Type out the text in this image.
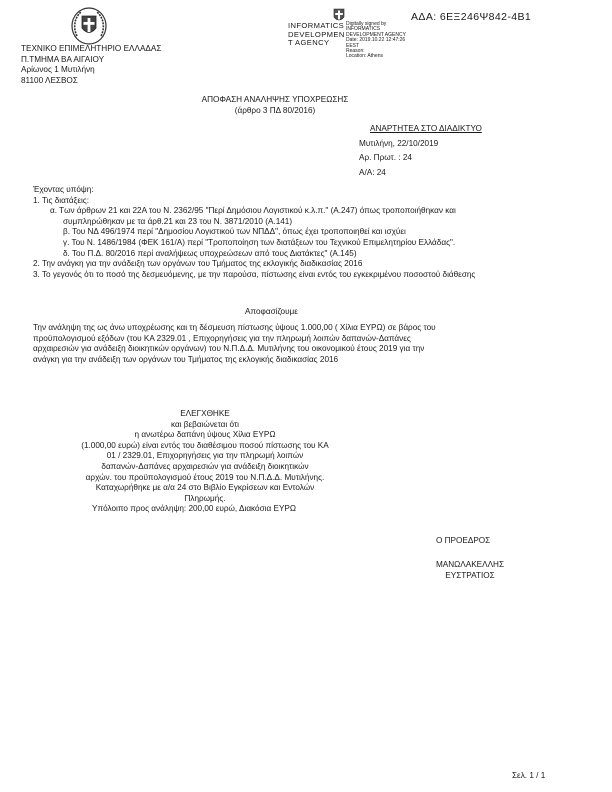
ΤΕΧΝΙΚΟ ΕΠΙΜΕΛΗΤΗΡΙΟ ΕΛΛΑΔΑΣ
Π.ΤΜΗΜΑ ΒΑ ΑΙΓΑΙΟΥ
Αρίωνος 1 Μυτιλήνη
81100 ΛΕΣΒΟΣ
INFORMATICS
DEVELOPMEN
T AGENCY
Digitally signed by
INFORMATICS
DEVELOPMENT AGENCY
Date: 2019.10.22 12:47:26
EEST
Reason:
Location: Athens
ΑΔΑ: 6ΕΞ246Ψ842-4Β1
ΑΠΟΦΑΣΗ ΑΝΑΛΗΨΗΣ ΥΠΟΧΡΕΩΣΗΣ
(άρθρο 3 ΠΔ 80/2016)
ΑΝΑΡΤΗΤΕΑ ΣΤΟ ΔΙΑΔΙΚΤΥΟ
Μυτιλήνη, 22/10/2019
Αρ. Πρωτ. : 24
Α/Α: 24
Έχοντας υπόψη:
1. Τις διατάξεις:
α. Των άρθρων 21 και 22Α του Ν. 2362/95 "Περί Δημόσιου Λογιστικού κ.λ.π." (Α.247) όπως τροποποιήθηκαν και
συμπληρώθηκαν με τα άρθ.21 και 23 του Ν. 3871/2010 (Α.141)
β. Του ΝΔ 496/1974 περί "Δημοσίου Λογιστικού των ΝΠΔΔ", όπως έχει τροποποιηθεί και ισχύει
γ. Του Ν. 1486/1984 (ΦΕΚ 161/Α) περί "Τροποποίηση των διατάξεων του Τεχνικού Επιμελητηρίου Ελλάδας".
δ. Του Π.Δ. 80/2016 περί αναλήψεως υποχρεώσεων από τους Διατάκτες" (Α.145)
2. Την ανάγκη για την ανάδειξη των οργάνων του Τμήματος της εκλογικής διαδικασίας 2016
3. Το γεγονός ότι το ποσό της δεσμευόμενης, με την παρούσα, πίστωσης είναι εντός του εγκεκριμένου ποσοστού διάθεσης
Αποφασίζουμε
Την ανάληψη της ως άνω υποχρέωσης και τη δέσμευση πίστωσης ύψους 1.000,00 ( Χίλια ΕΥΡΩ) σε βάρος του
προϋπολογισμού εξόδων (του ΚΑ 2329.01 , Επιχορηγήσεις για την πληρωμή λοιπών δαπανών-Δαπάνες
αρχαιρεσιών για ανάδειξη διοικητικών οργάνων) του Ν.Π.Δ.Δ. Μυτιλήνης του οικονομικού έτους 2019 για την
ανάγκη για την ανάδειξη των οργάνων του Τμήματος της εκλογικής διαδικασίας 2016
ΕΛΕΓΧΘΗΚΕ
και βεβαιώνεται ότι
η ανωτέρω δαπάνη ύψους Χίλια ΕΥΡΩ
(1.000,00 ευρώ) είναι εντός του διαθέσιμου ποσού πίστωσης του ΚΑ
01 / 2329.01, Επιχορηγήσεις για την πληρωμή λοιπών
δαπανών-Δαπάνες αρχαιρεσιών για ανάδειξη διοικητικών
αρχών. του προϋπολογισμού έτους 2019 του Ν.Π.Δ.Δ. Μυτιλήνης.
Καταχωρήθηκε με α/α 24 στο Βιβλίο Εγκρίσεων και Εντολών
Πληρωμής.
Υπόλοιπο προς ανάληψη: 200,00 ευρώ, Διακόσια ΕΥΡΩ
Ο ΠΡΟΕΔΡΟΣ
ΜΑΝΩΛΑΚΕΛΛΗΣ
ΕΥΣΤΡΑΤΙΟΣ
Σελ. 1 / 1
